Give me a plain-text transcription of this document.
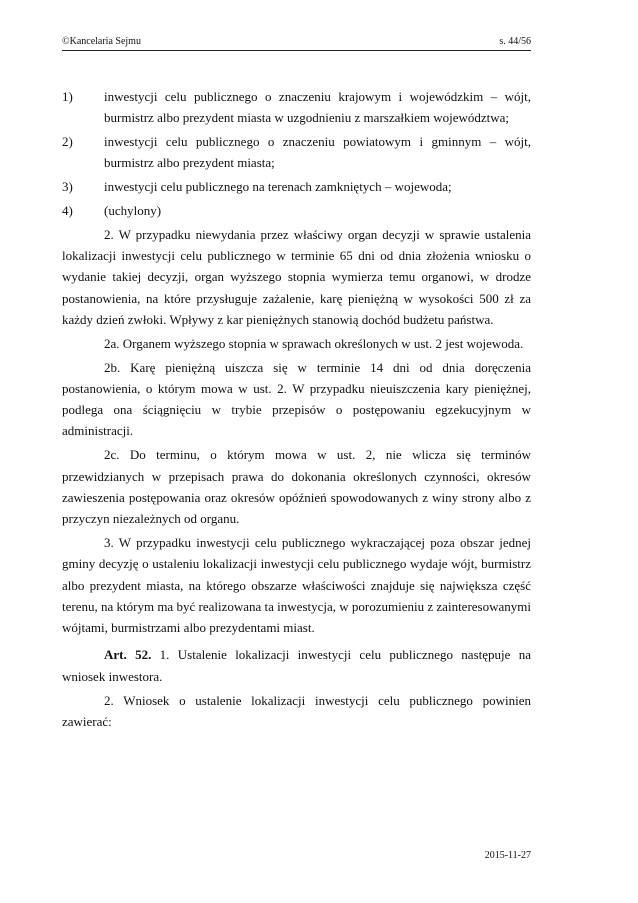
©Kancelaria Sejmu	s. 44/56
1) inwestycji celu publicznego o znaczeniu krajowym i wojewódzkim – wójt, burmistrz albo prezydent miasta w uzgodnieniu z marszałkiem województwa;
2) inwestycji celu publicznego o znaczeniu powiatowym i gminnym – wójt, burmistrz albo prezydent miasta;
3) inwestycji celu publicznego na terenach zamkniętych – wojewoda;
4) (uchylony)

2. W przypadku niewydania przez właściwy organ decyzji w sprawie ustalenia lokalizacji inwestycji celu publicznego w terminie 65 dni od dnia złożenia wniosku o wydanie takiej decyzji, organ wyższego stopnia wymierza temu organowi, w drodze postanowienia, na które przysługuje zażalenie, karę pieniężną w wysokości 500 zł za każdy dzień zwłoki. Wpływy z kar pieniężnych stanowią dochód budżetu państwa.

2a. Organem wyższego stopnia w sprawach określonych w ust. 2 jest wojewoda.

2b. Karę pieniężną uiszcza się w terminie 14 dni od dnia doręczenia postanowienia, o którym mowa w ust. 2. W przypadku nieuiszczenia kary pieniężnej, podlega ona ściągnięciu w trybie przepisów o postępowaniu egzekucyjnym w administracji.

2c. Do terminu, o którym mowa w ust. 2, nie wlicza się terminów przewidzianych w przepisach prawa do dokonania określonych czynności, okresów zawieszenia postępowania oraz okresów opóźnień spowodowanych z winy strony albo z przyczyn niezależnych od organu.

3. W przypadku inwestycji celu publicznego wykraczającej poza obszar jednej gminy decyzję o ustaleniu lokalizacji inwestycji celu publicznego wydaje wójt, burmistrz albo prezydent miasta, na którego obszarze właściwości znajduje się największa część terenu, na którym ma być realizowana ta inwestycja, w porozumieniu z zainteresowanymi wójtami, burmistrzami albo prezydentami miast.

Art. 52. 1. Ustalenie lokalizacji inwestycji celu publicznego następuje na wniosek inwestora.

2. Wniosek o ustalenie lokalizacji inwestycji celu publicznego powinien zawierać:

2015-11-27
